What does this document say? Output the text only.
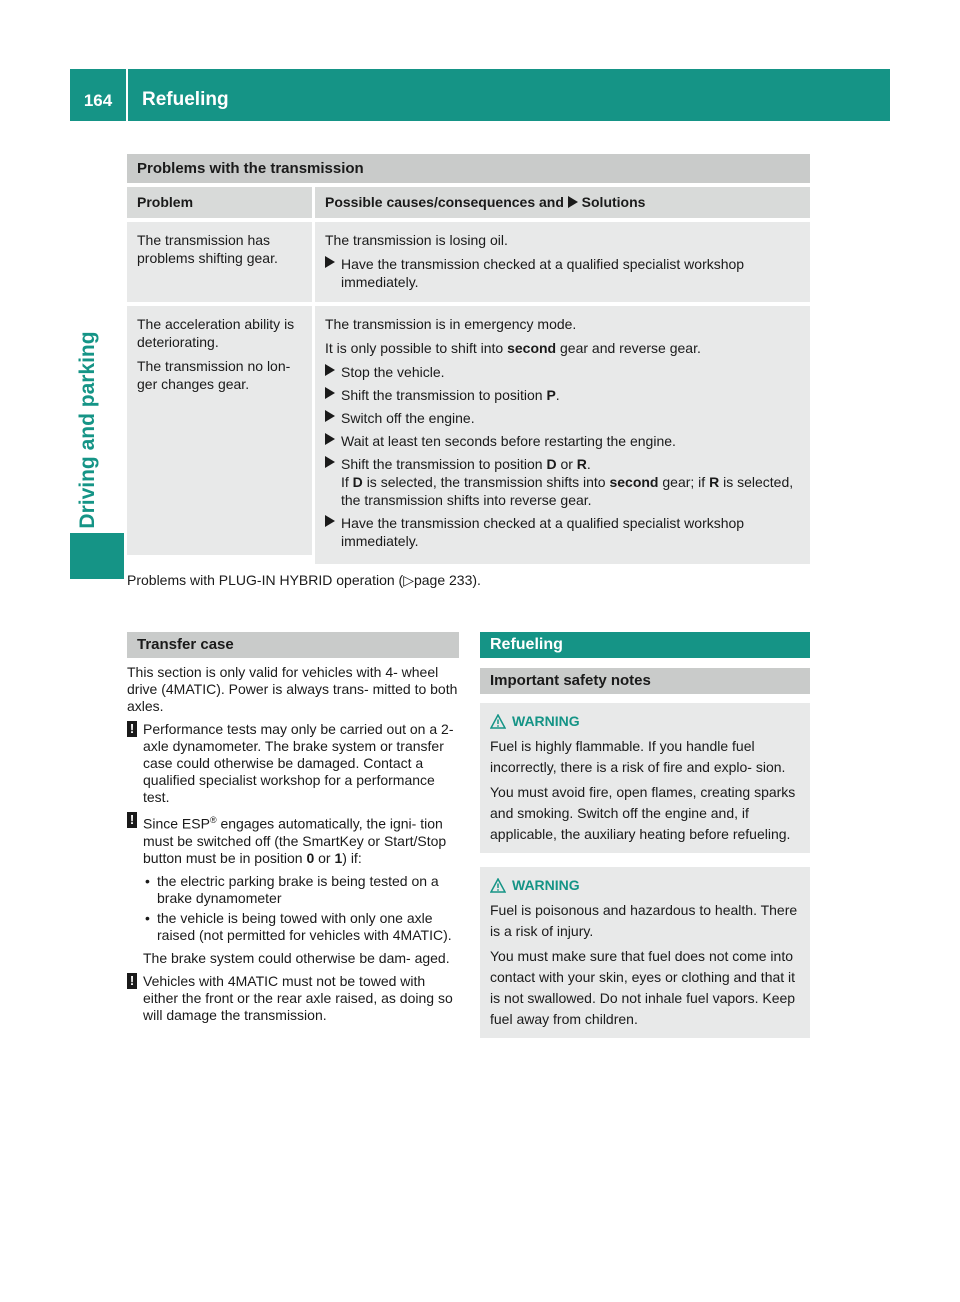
164	Refueling
Driving and parking
Problems with the transmission
Problem	Possible causes/consequences and Solutions

The transmission has problems shifting gear.

The transmission is losing oil.

Have the transmission checked at a qualified specialist workshop immediately.

The acceleration ability is deteriorating.

The transmission no lon- ger changes gear.

The transmission is in emergency mode.

It is only possible to shift into second gear and reverse gear.

Stop the vehicle.
Shift the transmission to position P.
Switch off the engine.
Wait at least ten seconds before restarting the engine.
Shift the transmission to position D or R.
If D is selected, the transmission shifts into second gear; if R is selected, the transmission shifts into reverse gear.
Have the transmission checked at a qualified specialist workshop immediately.
Problems with PLUG-IN HYBRID operation (▷page 233).
Transfer case

This section is only valid for vehicles with 4- wheel drive (4MATIC). Power is always trans- mitted to both axles.

! Performance tests may only be carried out on a 2-axle dynamometer. The brake system or transfer case could otherwise be damaged. Contact a qualified specialist workshop for a performance test.

! Since ESP® engages automatically, the igni- tion must be switched off (the SmartKey or Start/Stop button must be in position 0 or 1) if:

• the electric parking brake is being tested on a brake dynamometer
• the vehicle is being towed with only one axle raised (not permitted for vehicles with 4MATIC).

The brake system could otherwise be dam- aged.

! Vehicles with 4MATIC must not be towed with either the front or the rear axle raised, as doing so will damage the transmission.

Refueling
Important safety notes
WARNING

Fuel is highly flammable. If you handle fuel incorrectly, there is a risk of fire and explo- sion.

You must avoid fire, open flames, creating sparks and smoking. Switch off the engine and, if applicable, the auxiliary heating before refueling.

WARNING

Fuel is poisonous and hazardous to health. There is a risk of injury.

You must make sure that fuel does not come into contact with your skin, eyes or clothing and that it is not swallowed. Do not inhale fuel vapors. Keep fuel away from children.
